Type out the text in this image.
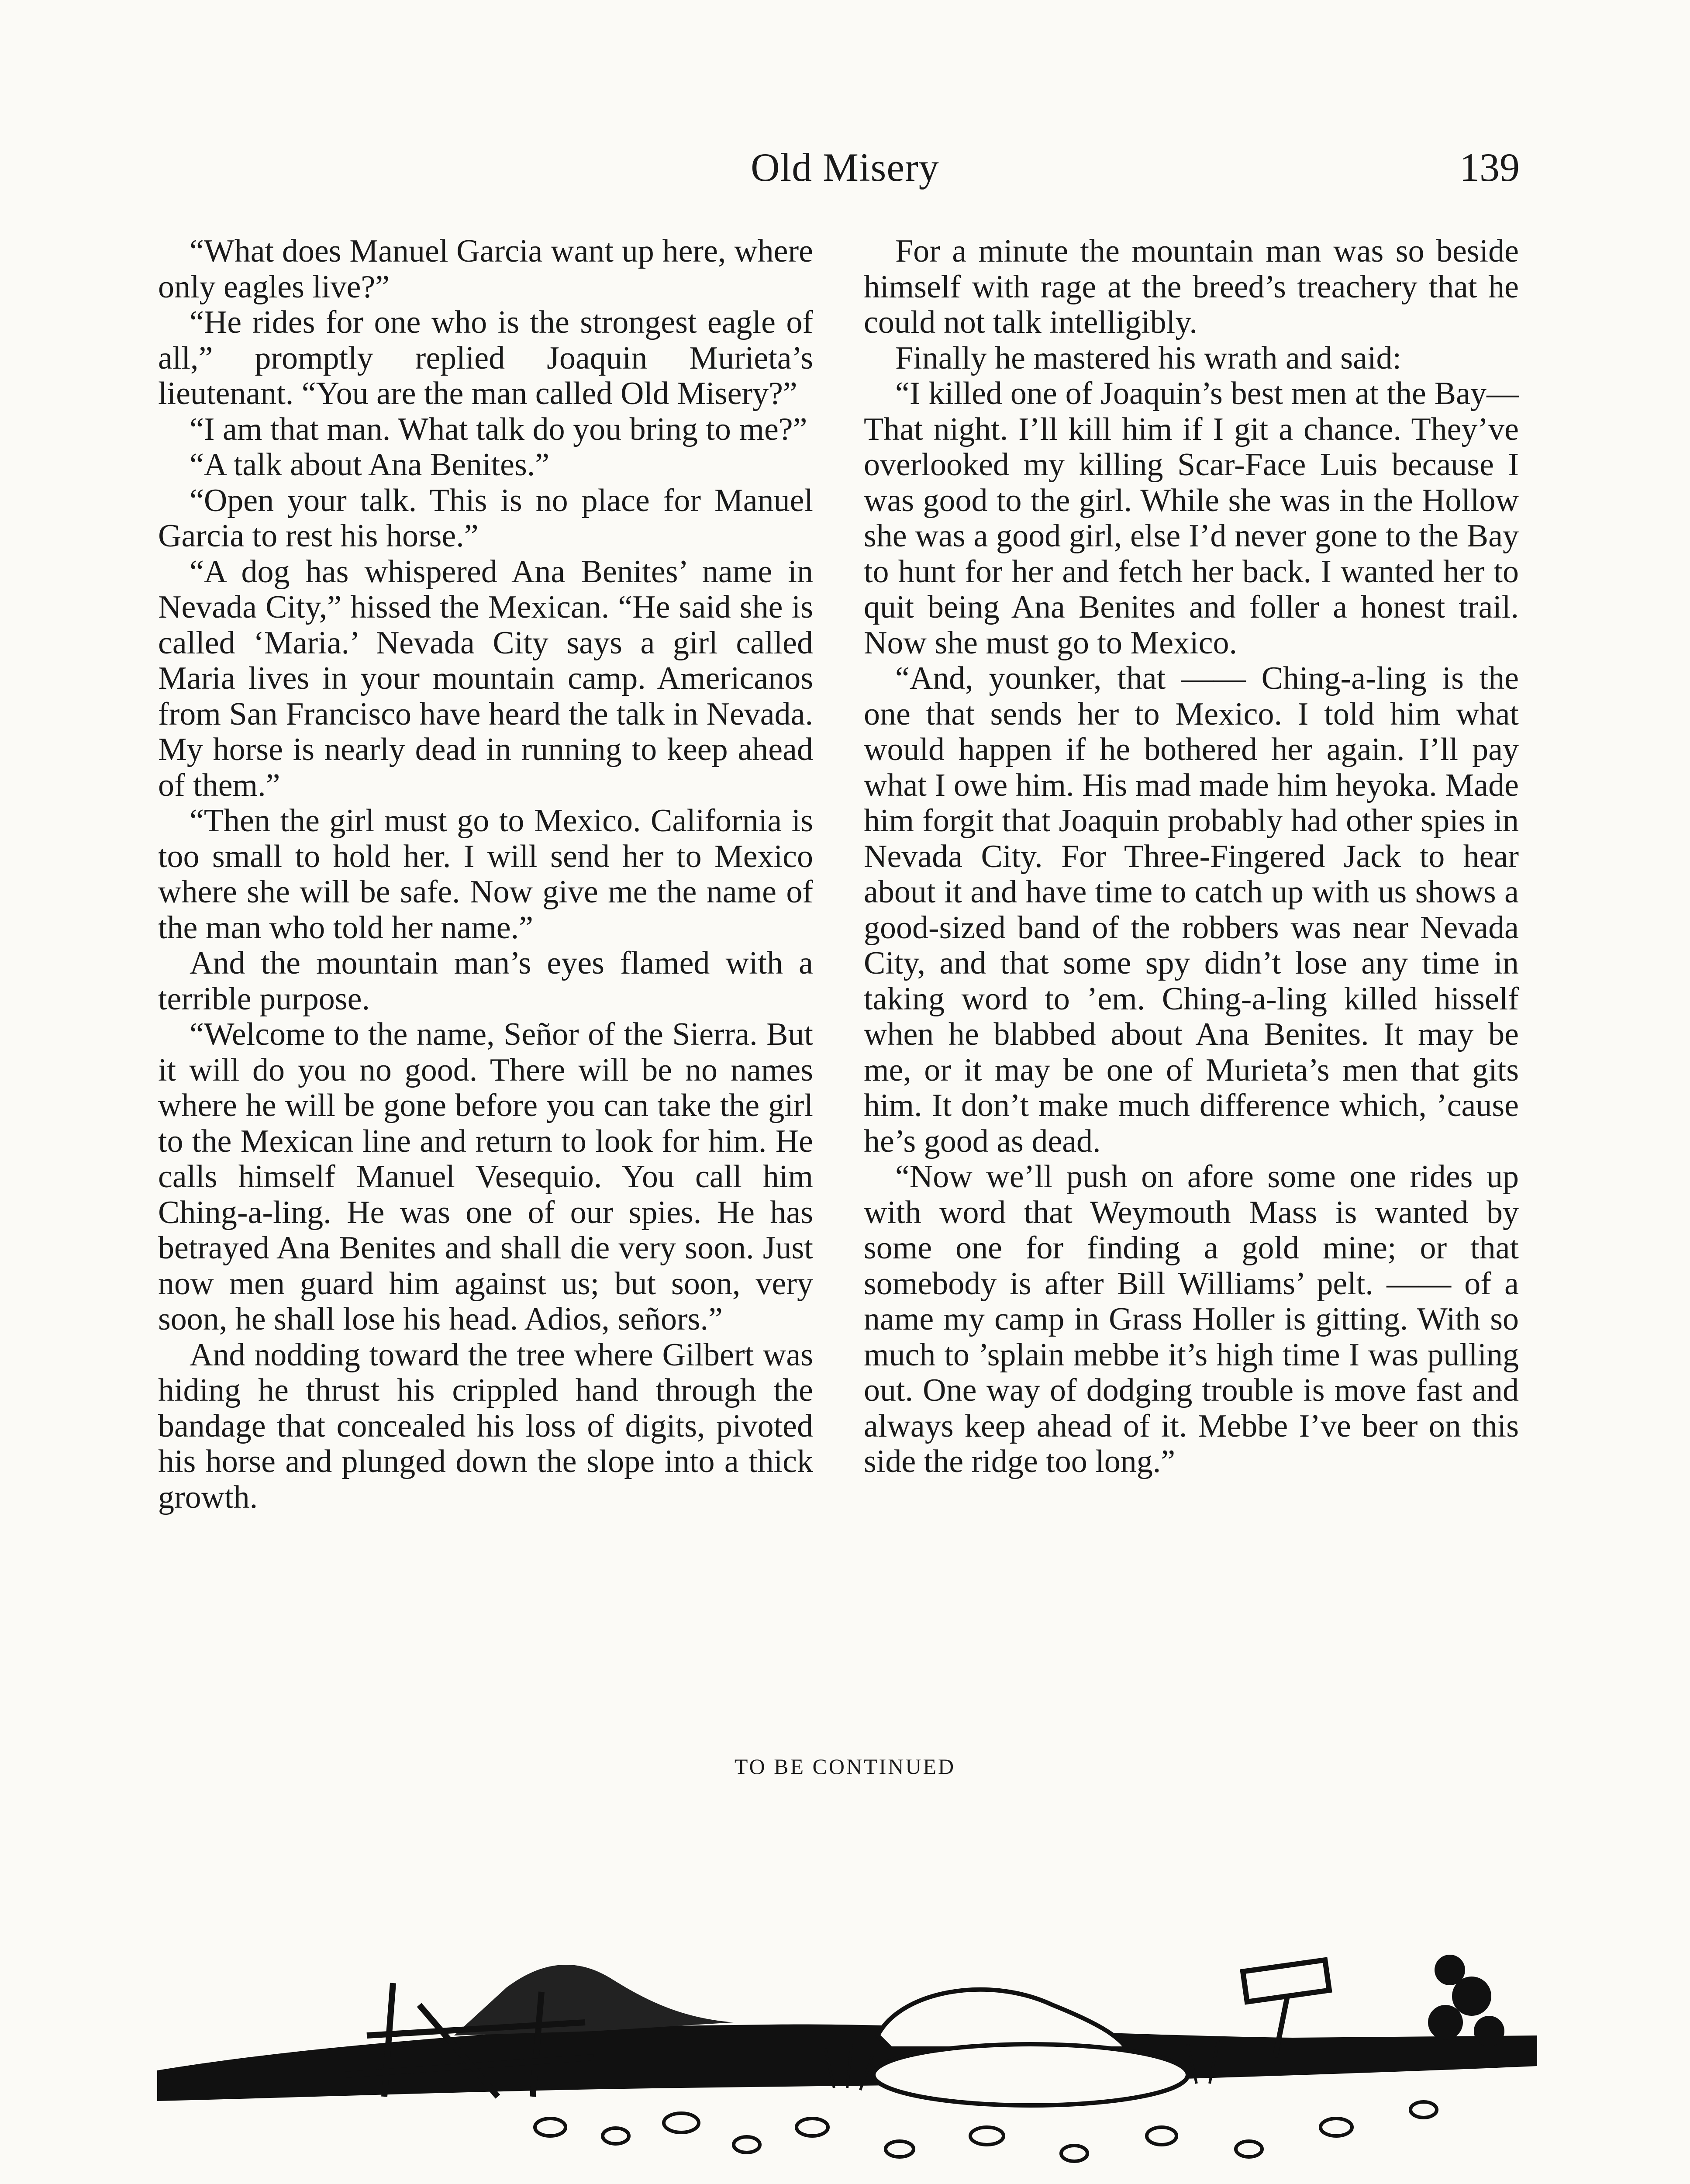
Old Misery	139

“What does Manuel Garcia want up here, where only eagles live?”

“He rides for one who is the strongest eagle of all,” promptly replied Joaquin Murieta’s lieutenant. “You are the man called Old Misery?”

“I am that man. What talk do you bring to me?”

“A talk about Ana Benites.”

“Open your talk. This is no place for Manuel Garcia to rest his horse.”

“A dog has whispered Ana Benites’ name in Nevada City,” hissed the Mexican. “He said she is called ‘Maria.’ Nevada City says a girl called Maria lives in your mountain camp. Americanos from San Francisco have heard the talk in Nevada. My horse is nearly dead in running to keep ahead of them.”

“Then the girl must go to Mexico. California is too small to hold her. I will send her to Mexico where she will be safe. Now give me the name of the man who told her name.”

And the mountain man’s eyes flamed with a terrible purpose.

“Welcome to the name, Señor of the Sierra. But it will do you no good. There will be no names where he will be gone before you can take the girl to the Mexican line and return to look for him. He calls himself Manuel Vesequio. You call him Ching-a-ling. He was one of our spies. He has betrayed Ana Benites and shall die very soon. Just now men guard him against us; but soon, very soon, he shall lose his head. Adios, señors.”

And nodding toward the tree where Gilbert was hiding he thrust his crippled hand through the bandage that concealed his loss of digits, pivoted his horse and plunged down the slope into a thick growth.

For a minute the mountain man was so beside himself with rage at the breed’s treachery that he could not talk intelligibly.

Finally he mastered his wrath and said:

“I killed one of Joaquin’s best men at the Bay— That night. I’ll kill him if I git a chance. They’ve overlooked my killing Scar-Face Luis because I was good to the girl. While she was in the Hollow she was a good girl, else I’d never gone to the Bay to hunt for her and fetch her back. I wanted her to quit being Ana Benites and foller a honest trail. Now she must go to Mexico.

“And, younker, that —— Ching-a-ling is the one that sends her to Mexico. I told him what would happen if he bothered her again. I’ll pay what I owe him. His mad made him heyoka. Made him forgit that Joaquin probably had other spies in Nevada City. For Three-Fingered Jack to hear about it and have time to catch up with us shows a good-sized band of the robbers was near Nevada City, and that some spy didn’t lose any time in taking word to ’em. Ching-a-ling killed hisself when he blabbed about Ana Benites. It may be me, or it may be one of Murieta’s men that gits him. It don’t make much difference which, ’cause he’s good as dead.

“Now we’ll push on afore some one rides up with word that Weymouth Mass is wanted by some one for finding a gold mine; or that somebody is after Bill Williams’ pelt. —— of a name my camp in Grass Holler is gitting. With so much to ’splain mebbe it’s high time I was pulling out. One way of dodging trouble is move fast and always keep ahead of it. Mebbe I’ve beer on this side the ridge too long.”

TO BE CONTINUED
